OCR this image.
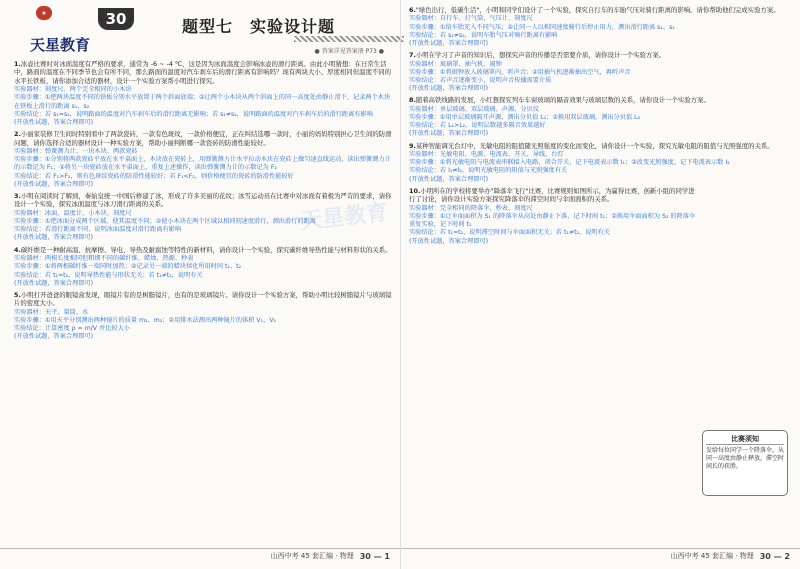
★
天星教育
30	题型七　实验设计题
● 答案详见答案册 P73 ●
1.冰壶比赛时对冰面温度有严格的要求，通常为 -6 ~ -4 ℃，这是因为冰面温度会影响冰壶的滑行距离。由此小明猜想：在日常生活中，路面的温度在不同季节也会有所不同，那么路面的温度对汽车刹车后的滑行距离有影响吗？现有两块大小、厚度相同但温度不同的水平长铁板，请你添加合适的器材，设计一个实验方案帮小明进行探究。
实验器材：刻度尺、两个完全相同的小木块
实验步骤：①把两块温度不同的铁板分别水平放置于两个斜面底端；②让两个小木块从两个斜面上的同一高度处由静止滑下，记录两个木块在铁板上滑行的距离 s₁、s₂
实验结论：若 s₁=s₂，说明路面的温度对汽车刹车后的滑行距离无影响；若 s₁≠s₂，说明路面的温度对汽车刹车后的滑行距离有影响
(开放性试题，答案合理即可)
2.小丽家装修卫生间时特别看中了两款瓷砖，一款有色斑纹，一款价格便宜，正在纠结选哪一款时，小丽的妈妈特别担心卫生间的防滑问题，请你选择合适的器材设计一种实验方案，帮助小丽判断哪一款瓷砖的防滑性能较好。
实验器材：弹簧测力计、一块木块、两款瓷砖
实验步骤：①分别将两款瓷砖平放在水平桌面上，木块放在瓷砖上，用弹簧测力计水平拉动木块在瓷砖上做匀速直线运动，读出弹簧测力计的示数记为 F₁；②将另一块瓷砖放在水平桌面上，重复上述操作，读出弹簧测力计的示数记为 F₂
实验结论：若 F₁>F₂，则有色斑纹瓷砖的防滑性能较好；若 F₁<F₂，则价格便宜的瓷砖的防滑性能较好
(开放性试题，答案合理即可)
3.小明在阅读时了解到，秦始皇统一中国后修建了冰，形成了许多美丽的花纹；冰雪运动员在比赛中对冰面有着极为严苛的要求，请你设计一个实验，探究冰面温度与冰刀滑行距离的关系。
实验器材：冰面、温度计、小木块、刻度尺
实验步骤：①把冰面分成两个区域，使其温度不同；②使小木块在两个区域以相同初速度滑行，测出滑行的距离
实验结论：若滑行距离不同，说明冰面温度对滑行距离有影响
(开放性试题，答案合理即可)
4.碳纤维是一种耐高温、抗摩擦、导电、导热及耐腐蚀等特性的新材料，请你设计一个实验，探究碳纤维导热性能与材料形状的关系。
实验器材：两根长度相同但粗细不同的碳纤维、蜡烛、热源、秒表
实验步骤：①将两根碳纤维一端同时加热；②记录另一端的蜡块熔化所用时间 t₁、t₂
实验结论：若 t₁=t₂，说明导热性能与形状无关；若 t₁≠t₂，说明有关
(开放性试题，答案合理即可)
5.小明打开爸爸的眼镜盒发现，眼镜片有的是树脂镜片，也有的是玻璃镜片。请你设计一个实验方案，帮助小明比较树脂镜片与玻璃镜片的密度大小。
实验器材：天平、量筒、水
实验步骤：①用天平分别测出两种镜片的质量 m₁、m₂；②用排水法测出两种镜片的体积 V₁、V₂
实验结论：计算密度 ρ = m/V 并比较大小
(开放性试题，答案合理即可)
山西中考 45 套汇编 · 物理 30 — 1
6."绿色出行，低碳生活"，小明和同学们设计了一个实验，探究自行车的车胎气压对骑行距离的影响。请你帮助他们完成实验方案。
实验器材：自行车、打气筒、气压计、刻度尺
实验步骤：①给车胎充入不同气压；②让同一人以相同速度骑行后停止用力，测出滑行距离 s₁、s₂
实验结论：若 s₁≠s₂，说明车胎气压对骑行距离有影响
(开放性试题，答案合理即可)
7.小明在学习了声音的知识后，想探究声音的传播是否需要介质，请你设计一个实验方案。
实验器材：玻璃罩、抽气机、闹钟
实验步骤：①将闹钟放入玻璃罩内，听声音；②用抽气机逐渐抽出空气，再听声音
实验结论：若声音逐渐变小，说明声音传播需要介质
(开放性试题，答案合理即可)
8.随着高铁线路的发展，小红想探究列车车窗玻璃的隔音效果与玻璃层数的关系，请你设计一个实验方案。
实验器材：单层玻璃、双层玻璃、声源、分贝仪
实验步骤：①用单层玻璃隔开声源，测出分贝值 L₁；②换用双层玻璃，测出分贝值 L₂
实验结论：若 L₁>L₂，说明层数越多隔音效果越好
(开放性试题，答案合理即可)
9.某种智能调光台灯中，光敏电阻的阻值随光照强度的变化而变化，请你设计一个实验，探究光敏电阻的阻值与光照强度的关系。
实验器材：光敏电阻、电源、电流表、开关、导线、台灯
实验步骤：①将光敏电阻与电流表串联接入电路，闭合开关，记下电流表示数 I₁；②改变光照强度，记下电流表示数 I₂
实验结论：若 I₁≠I₂，说明光敏电阻的阻值与光照强度有关
(开放性试题，答案合理即可)
10.小明所在的学校将要举办"降落伞飞行"比赛，比赛规则如图所示，为赢得比赛，创新小组的同学进行了讨论，请你设计实验方案探究降落伞的滞空时间与伞面面积的关系。
实验器材：完全相同的降落伞、秒表、刻度尺
实验步骤：①让伞面面积为 S₁ 的降落伞从高处由静止下落，记下时间 t₁；②换用伞面面积为 S₂ 的降落伞重复实验，记下时间 t₂
实验结论：若 t₁=t₂，说明滞空时间与伞面面积无关；若 t₁≠t₂，说明有关
(开放性试题，答案合理即可)
比赛须知
发给每位同学一个降落伞，从同一高度由静止释放，滞空时间长的获胜。
山西中考 45 套汇编 · 物理 30 — 2
天星教育
